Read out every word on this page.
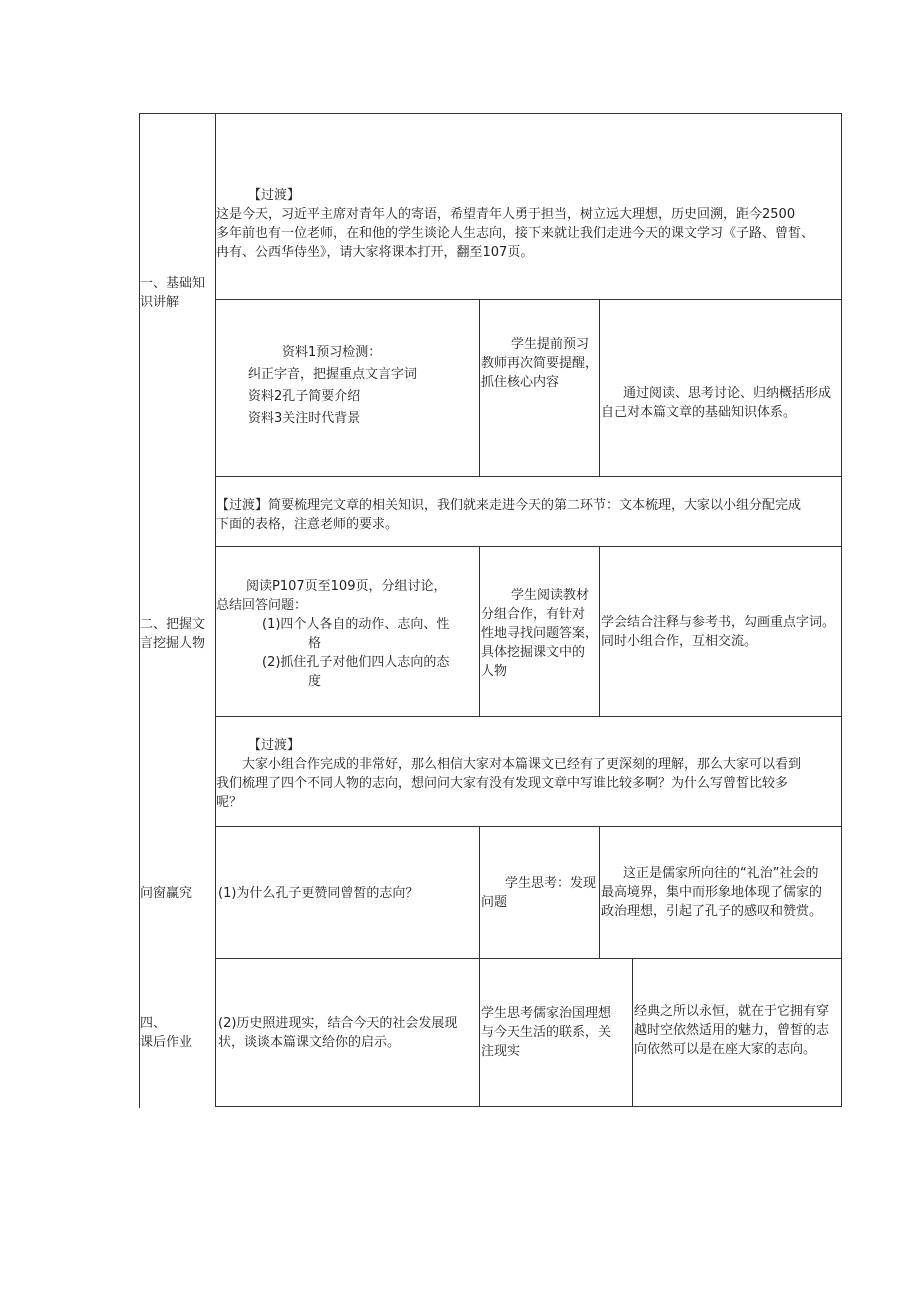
一、基础知
识讲解
二、把握文
言挖掘人物
问窗赢究
四、
课后作业
【过渡】
这是今天，习近平主席对青年人的寄语，希望青年人勇于担当，树立远大理想，历史回溯，距今2500
多年前也有一位老师，在和他的学生谈论人生志向，接下来就让我们走进今天的课文学习《子路、曾皙、
冉有、公西华侍坐》，请大家将课本打开，翻至107页。
资料1预习检测：
纠正字音，把握重点文言字词
资料2孔子简要介绍
资料3关注时代背景
学生提前预习
教师再次简要提醒，
抓住核心内容
通过阅读、思考讨论、归纳概括形成
自己对本篇文章的基础知识体系。
【过渡】简要梳理完文章的相关知识，我们就来走进今天的第二环节：文本梳理，大家以小组分配完成
下面的表格，注意老师的要求。
阅读P107页至109页，分组讨论，
总结回答问题：
(1)四个人各自的动作、志向、性
格
(2)抓住孔子对他们四人志向的态
度
学生阅读教材
分组合作，有针对
性地寻找问题答案，
具体挖掘课文中的
人物
学会结合注释与参考书，勾画重点字词。
同时小组合作，互相交流。
【过渡】
大家小组合作完成的非常好，那么相信大家对本篇课文已经有了更深刻的理解，那么大家可以看到
我们梳理了四个不同人物的志向，想问问大家有没有发现文章中写谁比较多啊？为什么写曾皙比较多
呢？
(1)为什么孔子更赞同曾皙的志向？
学生思考：发现
问题
这正是儒家所向往的“礼治”社会的
最高境界，集中而形象地体现了儒家的
政治理想，引起了孔子的感叹和赞赏。
(2)历史照进现实，结合今天的社会发展现
状，谈谈本篇课文给你的启示。
学生思考儒家治国理想
与今天生活的联系，关
注现实
经典之所以永恒，就在于它拥有穿
越时空依然适用的魅力，曾皙的志
向依然可以是在座大家的志向。
